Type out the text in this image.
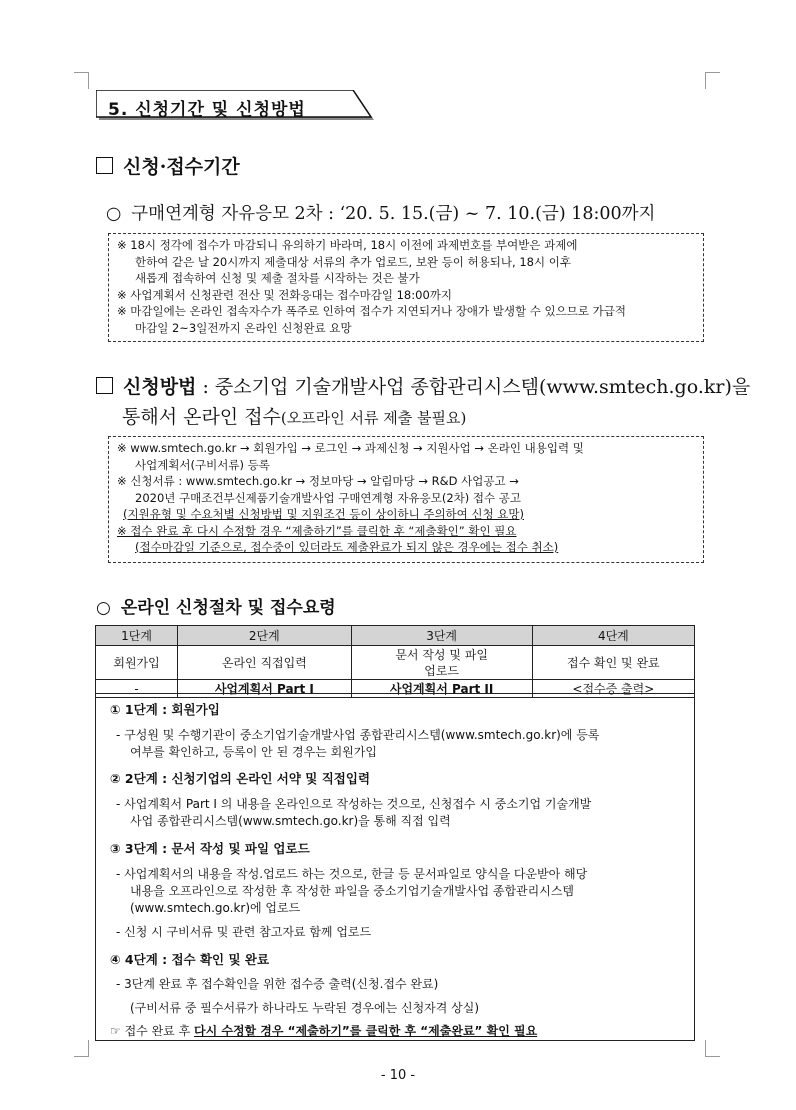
5. 신청기간 및 신청방법
신청·접수기간
○ 구매연계형 자유응모 2차 : ‘20. 5. 15.(금) ~ 7. 10.(금) 18:00까지
※ 18시 정각에 접수가 마감되니 유의하기 바라며, 18시 이전에 과제번호를 부여받은 과제에
한하여 같은 날 20시까지 제출대상 서류의 추가 업로드, 보완 등이 허용되나, 18시 이후
새롭게 접속하여 신청 및 제출 절차를 시작하는 것은 불가
※ 사업계획서 신청관련 전산 및 전화응대는 접수마감일 18:00까지
※ 마감일에는 온라인 접속자수가 폭주로 인하여 접수가 지연되거나 장애가 발생할 수 있으므로 가급적
마감일 2~3일전까지 온라인 신청완료 요망
신청방법 : 중소기업 기술개발사업 종합관리시스템(www.smtech.go.kr)을
통해서 온라인 접수(오프라인 서류 제출 불필요)
※ www.smtech.go.kr → 회원가입 → 로그인 → 과제신청 → 지원사업 → 온라인 내용입력 및
사업계획서(구비서류) 등록
※ 신청서류 : www.smtech.go.kr → 정보마당 → 알림마당 → R&D 사업공고 →
2020년 구매조건부신제품기술개발사업 구매연계형 자유응모(2차) 접수 공고
(지원유형 및 수요처별 신청방법 및 지원조건 등이 상이하니 주의하여 신청 요망)
※ 접수 완료 후 다시 수정할 경우 “제출하기”를 클릭한 후 “제출확인” 확인 필요
(접수마감일 기준으로, 접수중이 있더라도 제출완료가 되지 않은 경우에는 접수 취소)
○ 온라인 신청절차 및 접수요령
1단계	2단계	3단계	4단계
회원가입	온라인 직접입력	문서 작성 및 파일
업로드	접수 확인 및 완료
-	사업계획서 Part I	사업계획서 Part II	<접수증 출력>
① 1단계 : 회원가입
- 구성원 및 수행기관이 중소기업기술개발사업 종합관리시스템(www.smtech.go.kr)에 등록
여부를 확인하고, 등록이 안 된 경우는 회원가입
② 2단계 : 신청기업의 온라인 서약 및 직접입력
- 사업계획서 Part I 의 내용을 온라인으로 작성하는 것으로, 신청접수 시 중소기업 기술개발
사업 종합관리시스템(www.smtech.go.kr)을 통해 직접 입력
③ 3단계 : 문서 작성 및 파일 업로드
- 사업계획서의 내용을 작성.업로드 하는 것으로, 한글 등 문서파일로 양식을 다운받아 해당
내용을 오프라인으로 작성한 후 작성한 파일을 중소기업기술개발사업 종합관리시스템
(www.smtech.go.kr)에 업로드
- 신청 시 구비서류 및 관련 참고자료 함께 업로드
④ 4단계 : 접수 확인 및 완료
- 3단계 완료 후 접수확인을 위한 접수증 출력(신청.접수 완료)
(구비서류 중 필수서류가 하나라도 누락된 경우에는 신청자격 상실)
☞ 접수 완료 후 다시 수정할 경우 “제출하기”를 클릭한 후 “제출완료” 확인 필요
- 10 -
